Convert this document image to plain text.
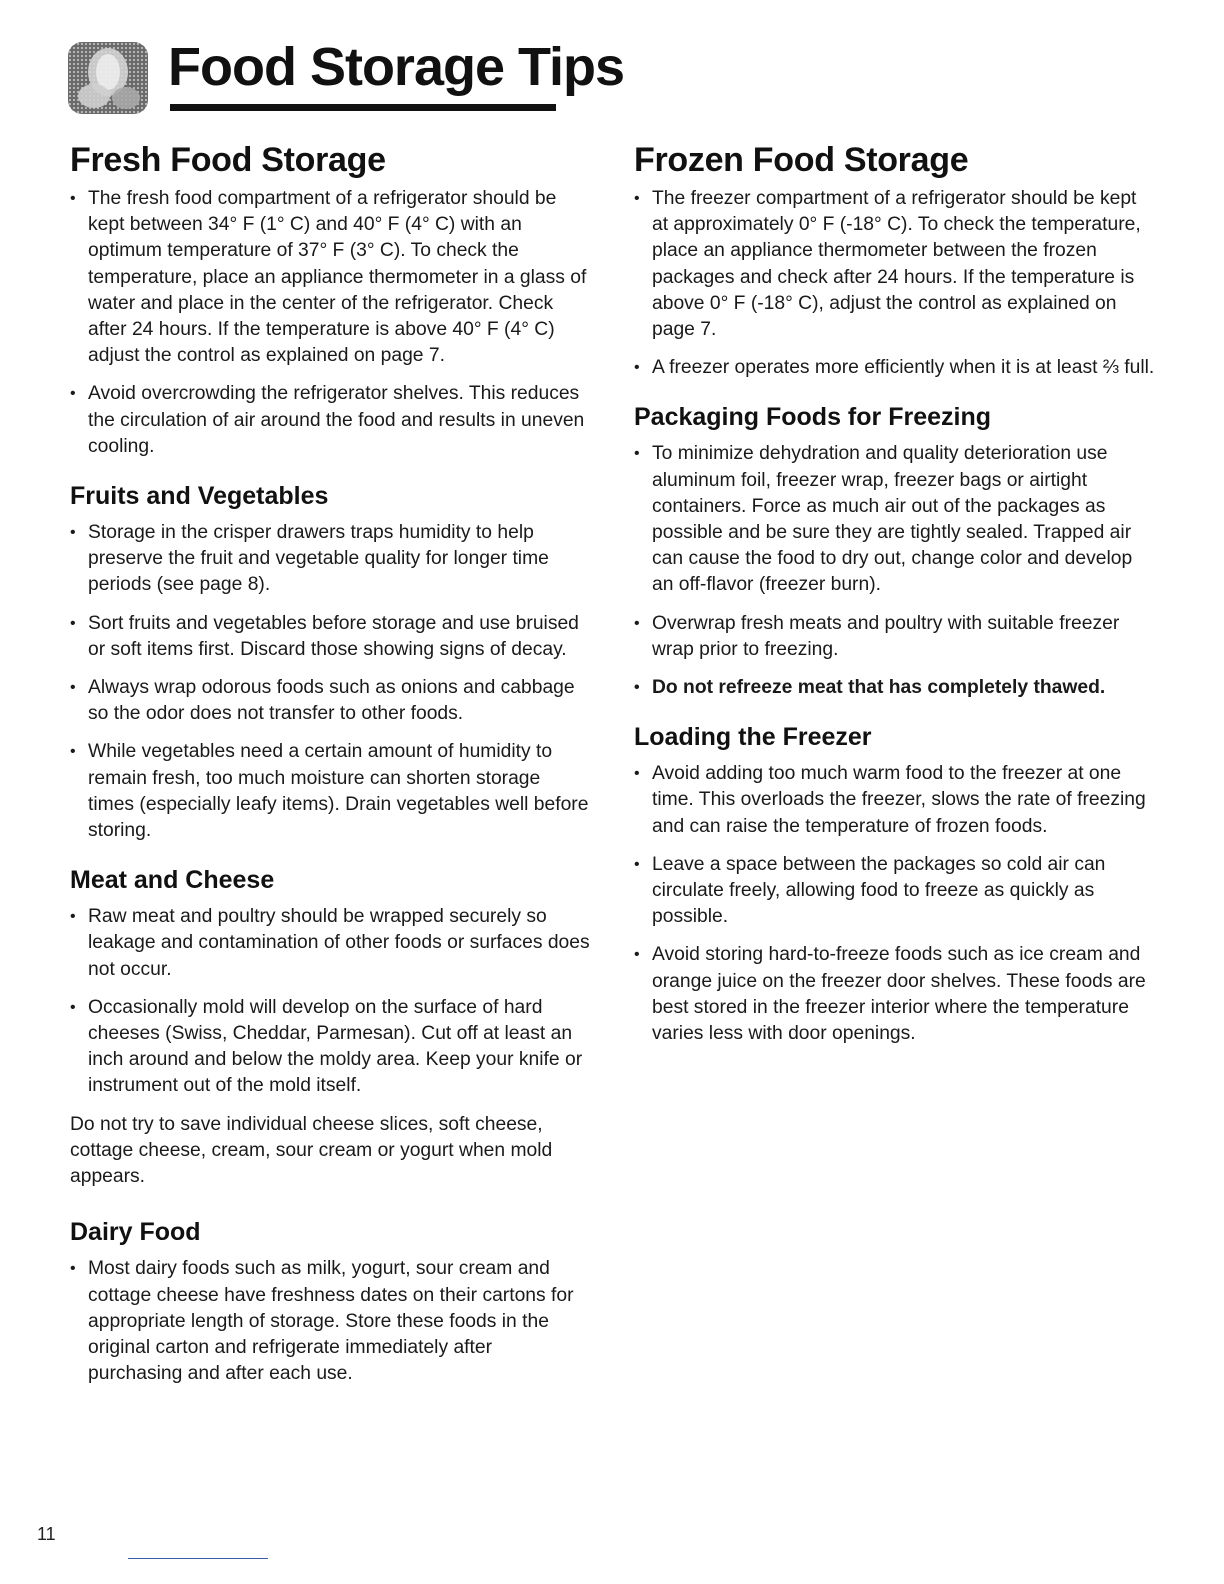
Food Storage Tips
Fresh Food Storage
• The fresh food compartment of a refrigerator should be kept between 34° F (1° C) and 40° F (4° C) with an optimum temperature of 37° F (3° C). To check the temperature, place an appliance thermometer in a glass of water and place in the center of the refrigerator. Check after 24 hours. If the temperature is above 40° F (4° C) adjust the control as explained on page 7.
• Avoid overcrowding the refrigerator shelves. This reduces the circulation of air around the food and results in uneven cooling.
Fruits and Vegetables
• Storage in the crisper drawers traps humidity to help preserve the fruit and vegetable quality for longer time periods (see page 8).
• Sort fruits and vegetables before storage and use bruised or soft items first. Discard those showing signs of decay.
• Always wrap odorous foods such as onions and cabbage so the odor does not transfer to other foods.
• While vegetables need a certain amount of humidity to remain fresh, too much moisture can shorten storage times (especially leafy items). Drain vegetables well before storing.
Meat and Cheese
• Raw meat and poultry should be wrapped securely so leakage and contamination of other foods or surfaces does not occur.
• Occasionally mold will develop on the surface of hard cheeses (Swiss, Cheddar, Parmesan). Cut off at least an inch around and below the moldy area. Keep your knife or instrument out of the mold itself.

Do not try to save individual cheese slices, soft cheese, cottage cheese, cream, sour cream or yogurt when mold appears.

Dairy Food
• Most dairy foods such as milk, yogurt, sour cream and cottage cheese have freshness dates on their cartons for appropriate length of storage. Store these foods in the original carton and refrigerate immediately after purchasing and after each use.
Frozen Food Storage
• The freezer compartment of a refrigerator should be kept at approximately 0° F (-18° C). To check the temperature, place an appliance thermometer between the frozen packages and check after 24 hours. If the temperature is above 0° F (-18° C), adjust the control as explained on page 7.
• A freezer operates more efficiently when it is at least ⅔ full.
Packaging Foods for Freezing
• To minimize dehydration and quality deterioration use aluminum foil, freezer wrap, freezer bags or airtight containers. Force as much air out of the packages as possible and be sure they are tightly sealed. Trapped air can cause the food to dry out, change color and develop an off-flavor (freezer burn).
• Overwrap fresh meats and poultry with suitable freezer wrap prior to freezing.
• Do not refreeze meat that has completely thawed.
Loading the Freezer
• Avoid adding too much warm food to the freezer at one time. This overloads the freezer, slows the rate of freezing and can raise the temperature of frozen foods.
• Leave a space between the packages so cold air can circulate freely, allowing food to freeze as quickly as possible.
• Avoid storing hard-to-freeze foods such as ice cream and orange juice on the freezer door shelves. These foods are best stored in the freezer interior where the temperature varies less with door openings.
11
